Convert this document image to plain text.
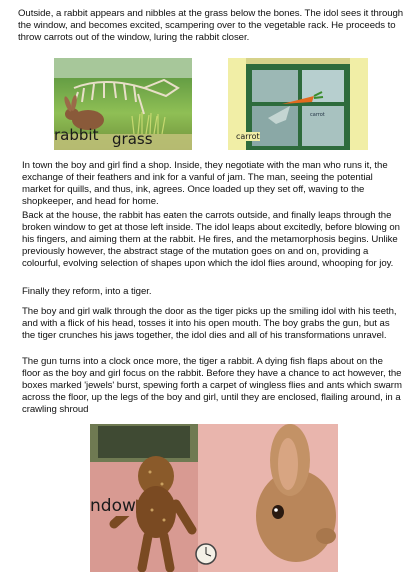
Outside, a rabbit appears and nibbles at the grass below the bones. The idol sees it through the window, and becomes excited, scampering over to the vegetable rack. He proceeds to throw carrots out of the window, luring the rabbit closer.

rabbit grass	carrot
carrot

In town the boy and girl find a shop. Inside, they negotiate with the man who runs it, the exchange of their feathers and ink for a vanful of jam. The man, seeing the potential market for quills, and thus, ink, agrees. Once loaded up they set off, waving to the shopkeeper, and head for home.

Back at the house, the rabbit has eaten the carrots outside, and finally leaps through the broken window to get at those left inside. The idol leaps about excitedly, before blowing on his fingers, and aiming them at the rabbit. He fires, and the metamorphosis begins. Unlike previously however, the abstract stage of the mutation goes on and on, providing a colourful, evolving selection of shapes upon which the idol flies around, whooping for joy.

Finally they reform, into a tiger.

The boy and girl walk through the door as the tiger picks up the smiling idol with his teeth, and with a flick of his head, tosses it into his open mouth. The boy grabs the gun, but as the tiger crunches his jaws together, the idol dies and all of his transformations unravel.

The gun turns into a clock once more, the tiger a rabbit. A dying fish flaps about on the floor as the boy and girl focus on the rabbit. Before they have a chance to act however, the boxes marked 'jewels' burst, spewing forth a carpet of wingless flies and ants which swarm across the floor, up the legs of the boy and girl, until they are enclosed, flailing around, in a crawling shroud

ndow
